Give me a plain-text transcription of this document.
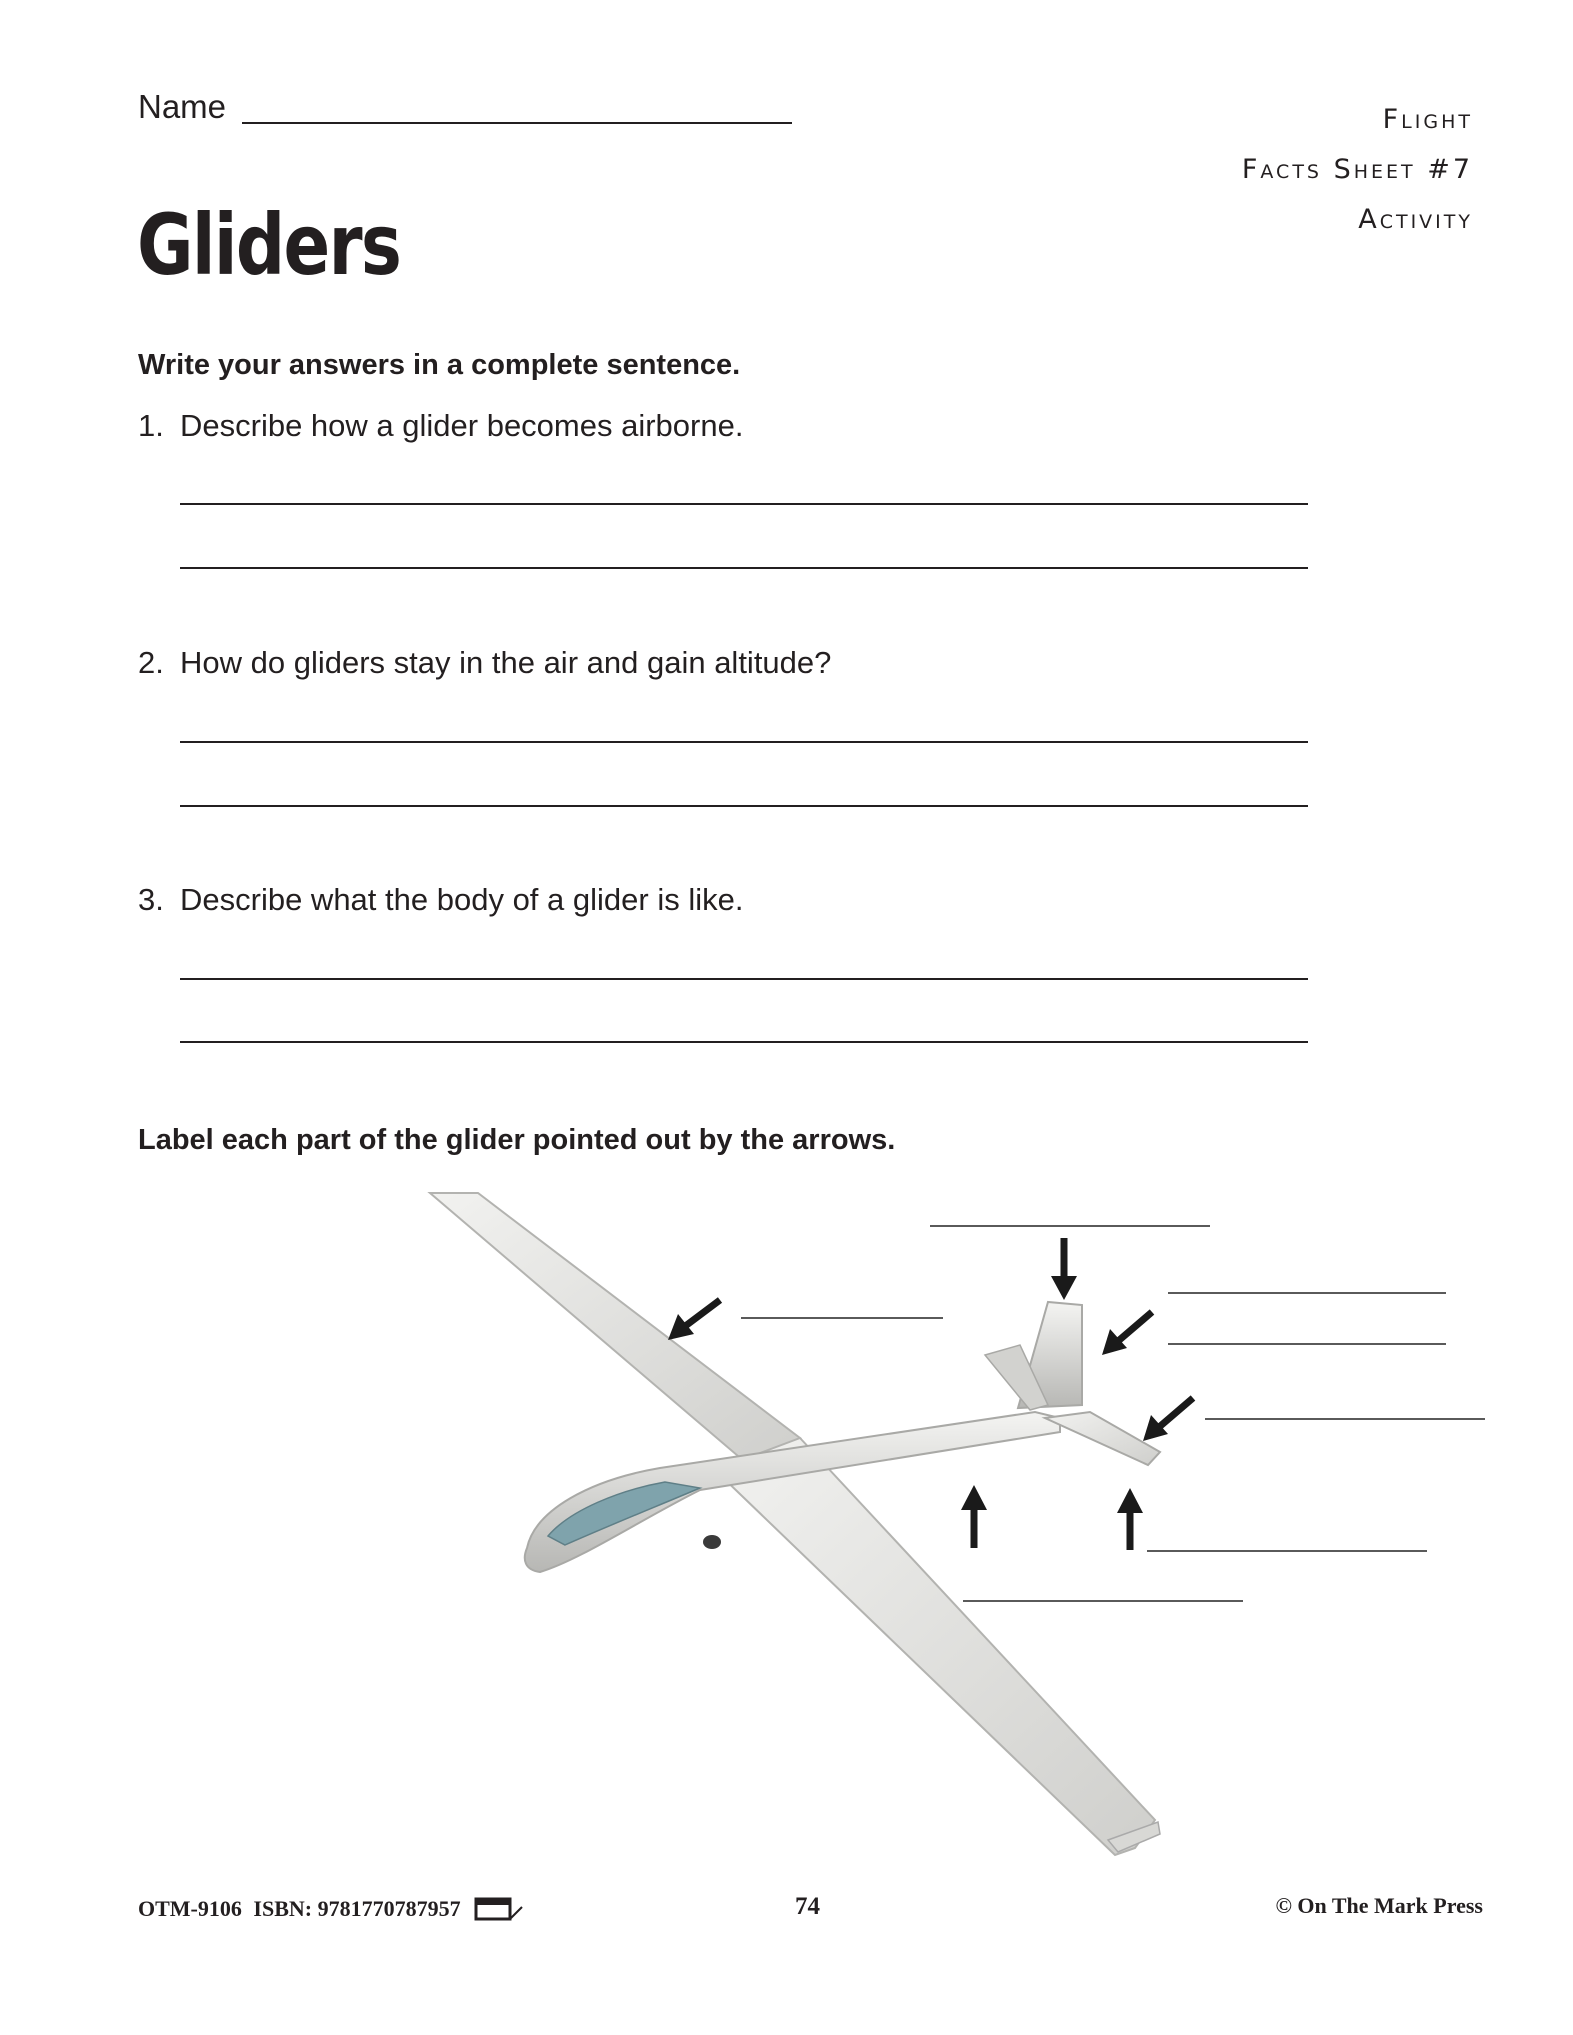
Name	Flight
Facts Sheet #7
Activity
Gliders
Write your answers in a complete sentence.
1. Describe how a glider becomes airborne.
2. How do gliders stay in the air and gain altitude?
3. Describe what the body of a glider is like.
Label each part of the glider pointed out by the arrows.
OTM-9106 ISBN: 9781770787957	74	© On The Mark Press
